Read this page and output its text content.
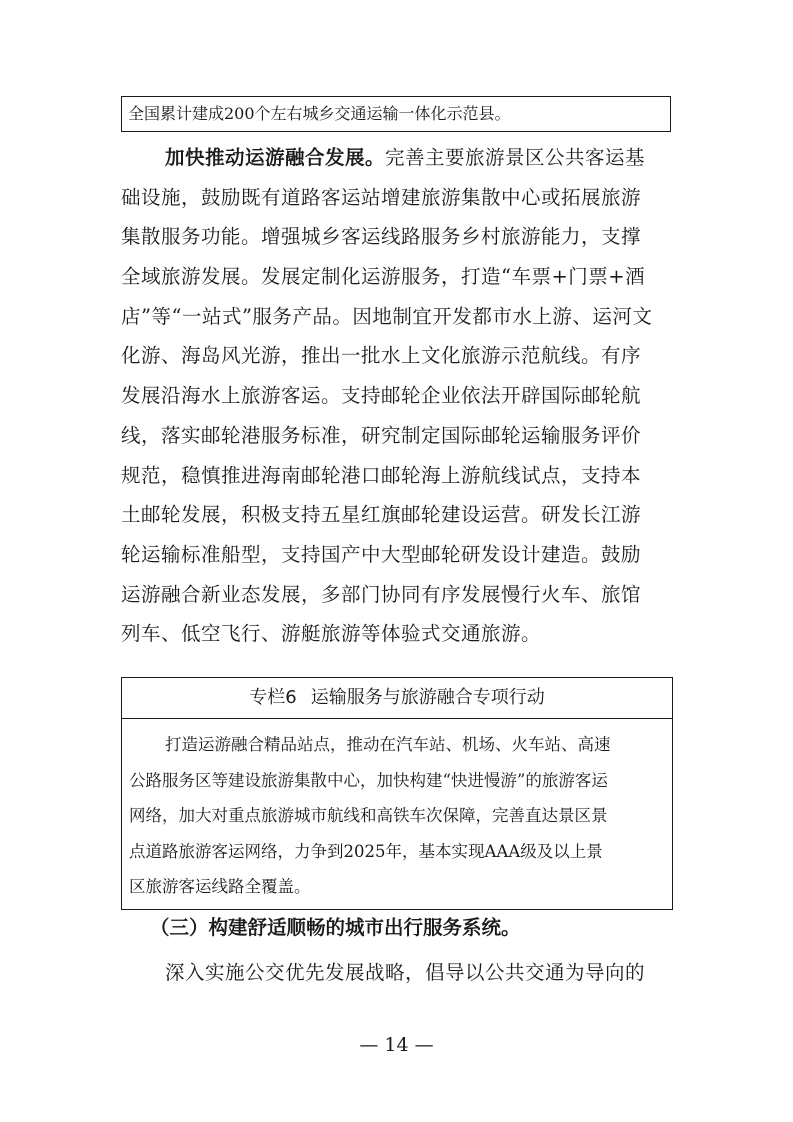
全国累计建成200个左右城乡交通运输一体化示范县。
加快推动运游融合发展。完善主要旅游景区公共客运基
础设施，鼓励既有道路客运站增建旅游集散中心或拓展旅游
集散服务功能。增强城乡客运线路服务乡村旅游能力，支撑
全域旅游发展。发展定制化运游服务，打造“车票+门票+酒
店”等“一站式”服务产品。因地制宜开发都市水上游、运河文
化游、海岛风光游，推出一批水上文化旅游示范航线。有序
发展沿海水上旅游客运。支持邮轮企业依法开辟国际邮轮航
线，落实邮轮港服务标准，研究制定国际邮轮运输服务评价
规范，稳慎推进海南邮轮港口邮轮海上游航线试点，支持本
土邮轮发展，积极支持五星红旗邮轮建设运营。研发长江游
轮运输标准船型，支持国产中大型邮轮研发设计建造。鼓励
运游融合新业态发展，多部门协同有序发展慢行火车、旅馆
列车、低空飞行、游艇旅游等体验式交通旅游。
专栏6 运输服务与旅游融合专项行动
打造运游融合精品站点，推动在汽车站、机场、火车站、高速
公路服务区等建设旅游集散中心，加快构建“快进慢游”的旅游客运
网络，加大对重点旅游城市航线和高铁车次保障，完善直达景区景
点道路旅游客运网络，力争到2025年，基本实现AAA级及以上景
区旅游客运线路全覆盖。
（三）构建舒适顺畅的城市出行服务系统。
深入实施公交优先发展战略，倡导以公共交通为导向的
— 14 —
